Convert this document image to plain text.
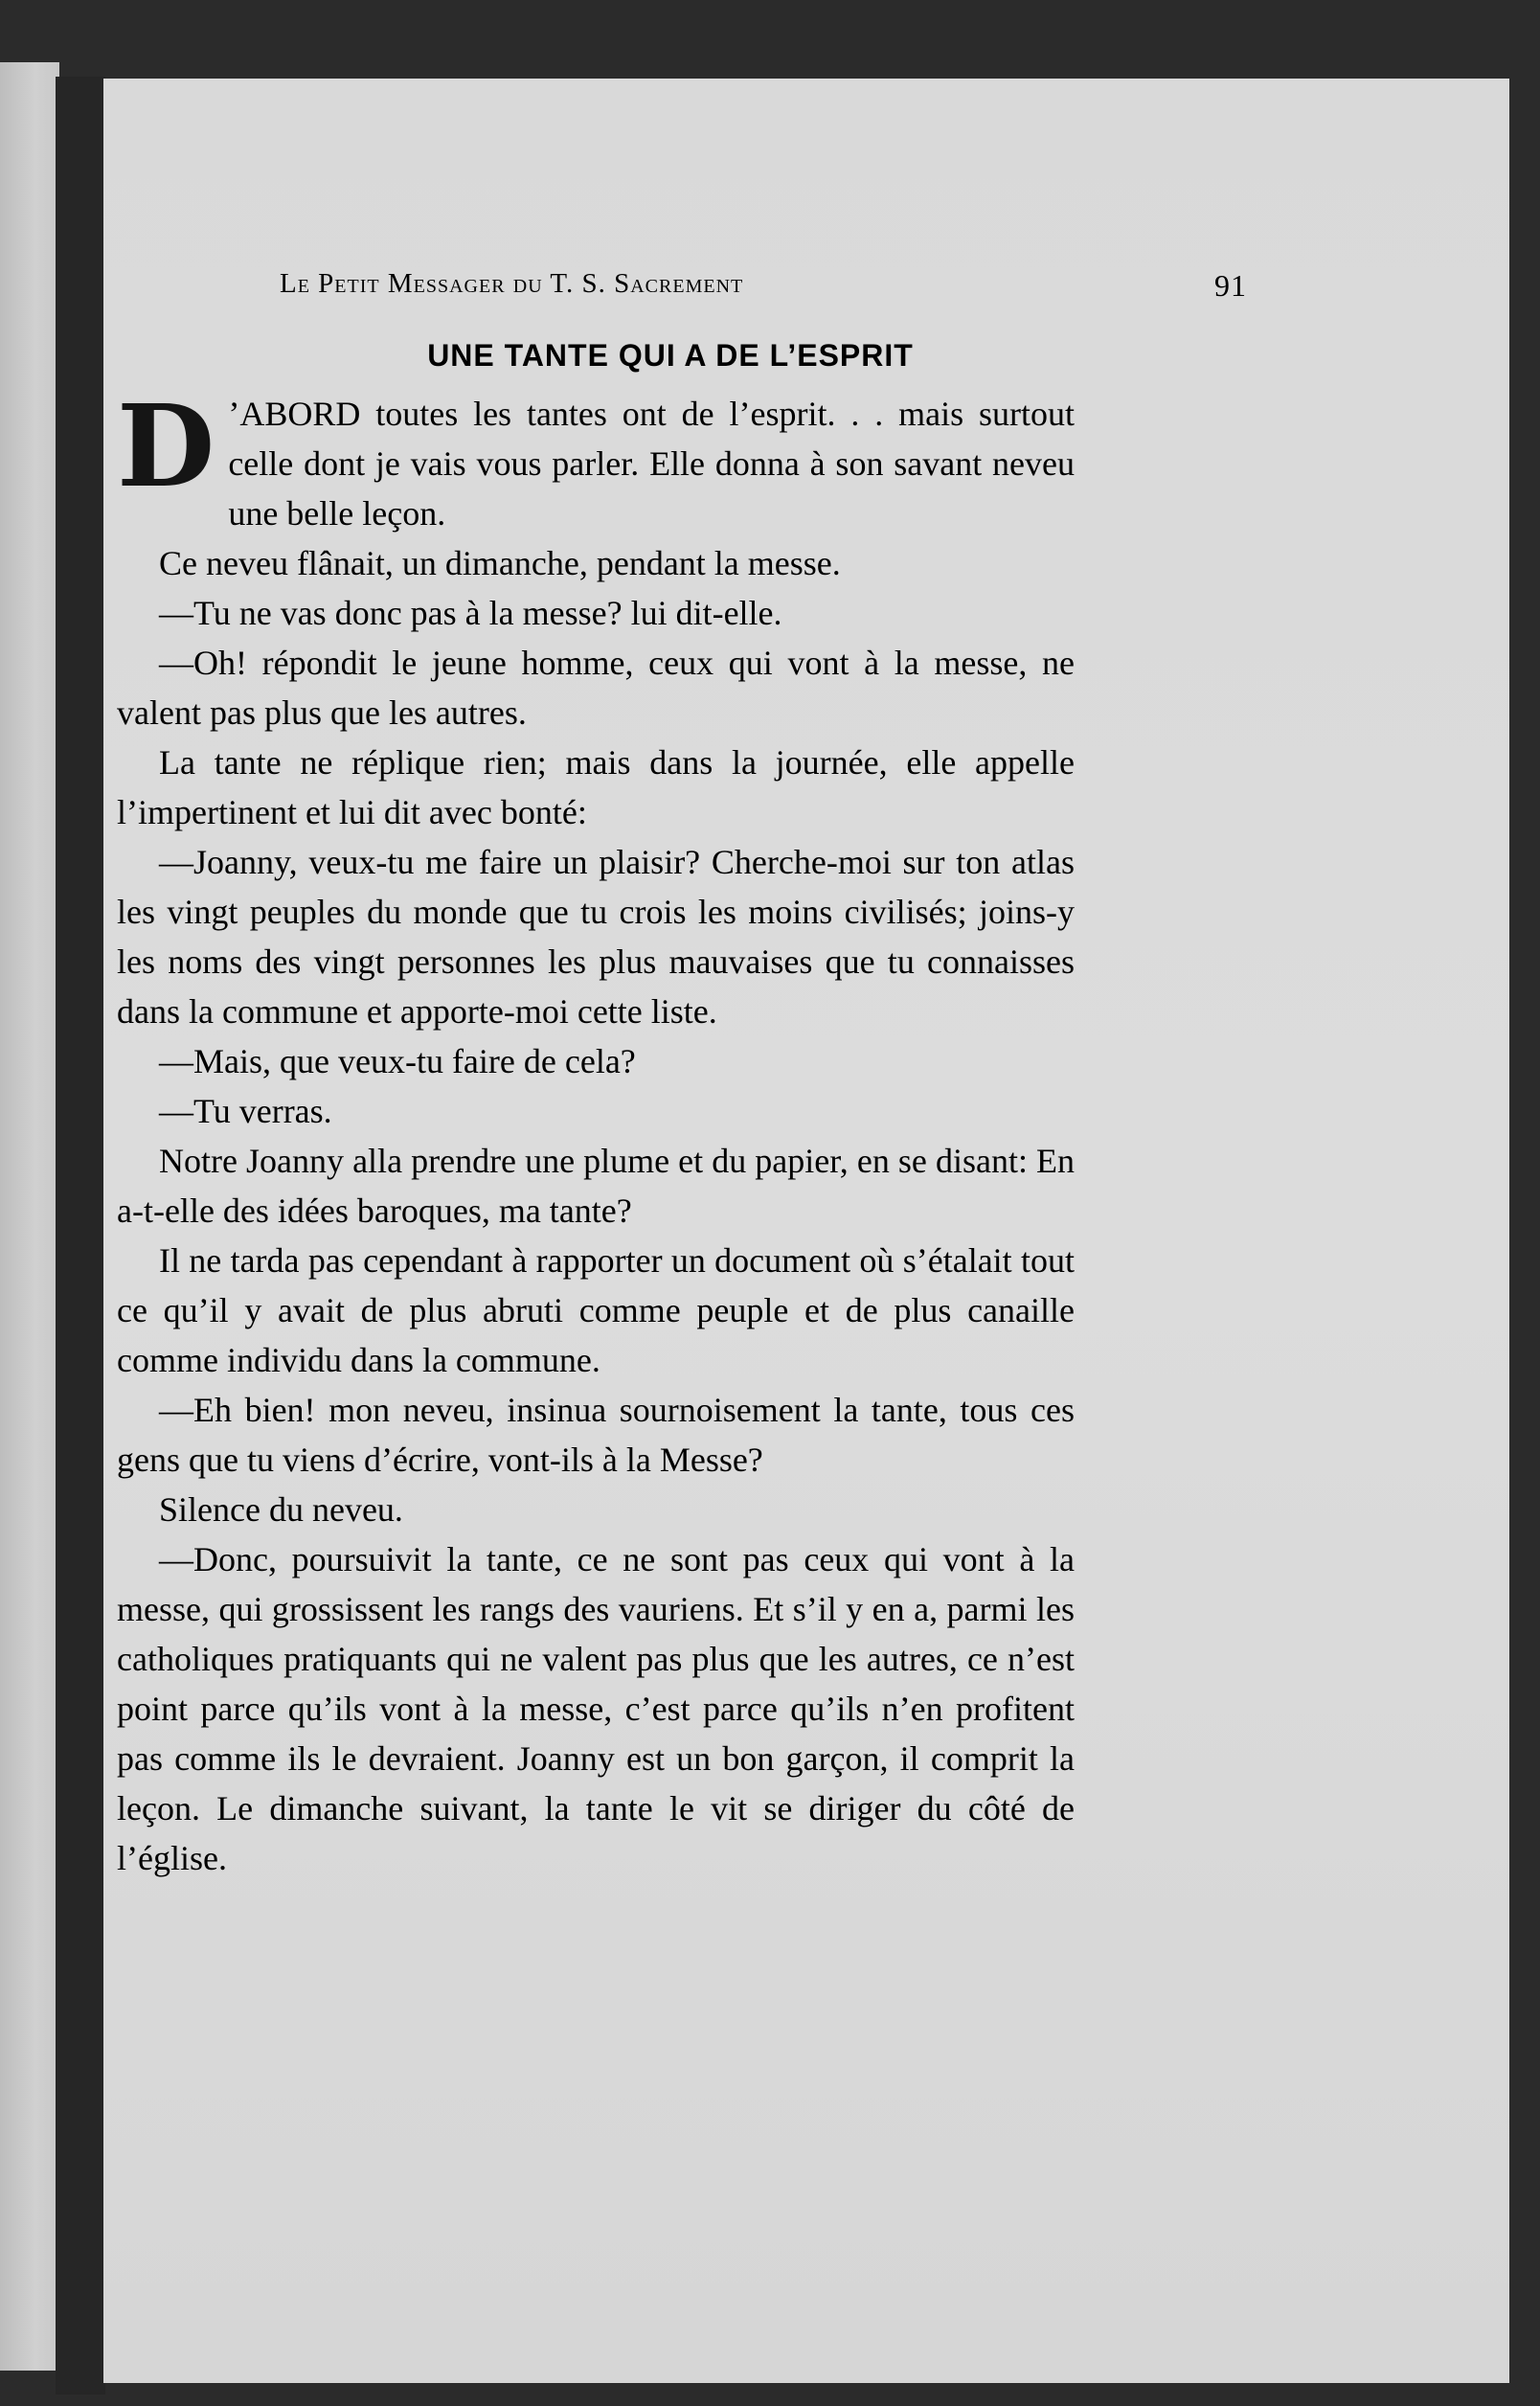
Le Petit Messager du T. S. Sacrement	91
UNE TANTE QUI A DE L’ESPRIT

D ’ABORD toutes les tantes ont de l’esprit. . . mais surtout celle dont je vais vous parler. Elle donna à son savant neveu une belle leçon.

Ce neveu flânait, un dimanche, pendant la messe.

—Tu ne vas donc pas à la messe? lui dit-elle.

—Oh! répondit le jeune homme, ceux qui vont à la messe, ne valent pas plus que les autres.

La tante ne réplique rien; mais dans la journée, elle appelle l’impertinent et lui dit avec bonté:

—Joanny, veux-tu me faire un plaisir? Cherche-moi sur ton atlas les vingt peuples du monde que tu crois les moins civilisés; joins-y les noms des vingt personnes les plus mauvaises que tu connaisses dans la commune et apporte-moi cette liste.

—Mais, que veux-tu faire de cela?

—Tu verras.

Notre Joanny alla prendre une plume et du papier, en se disant: En a-t-elle des idées baroques, ma tante?

Il ne tarda pas cependant à rapporter un document où s’étalait tout ce qu’il y avait de plus abruti comme peuple et de plus canaille comme individu dans la commune.

—Eh bien! mon neveu, insinua sournoisement la tante, tous ces gens que tu viens d’écrire, vont-ils à la Messe?

Silence du neveu.

—Donc, poursuivit la tante, ce ne sont pas ceux qui vont à la messe, qui grossissent les rangs des vauriens. Et s’il y en a, parmi les catholiques pratiquants qui ne valent pas plus que les autres, ce n’est point parce qu’ils vont à la messe, c’est parce qu’ils n’en profitent pas comme ils le devraient. Joanny est un bon garçon, il comprit la leçon. Le dimanche suivant, la tante le vit se diriger du côté de l’église.
